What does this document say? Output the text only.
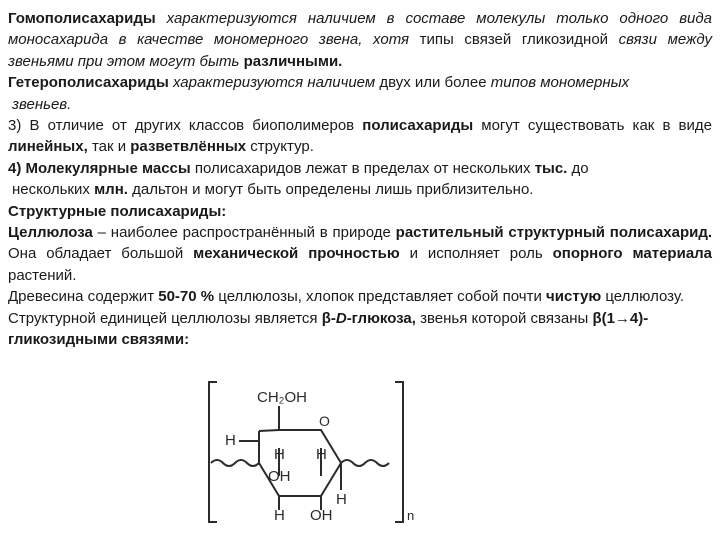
Гомополисахариды характеризуются наличием в составе молекулы только одного вида моносахарида в качестве мономерного звена, хотя типы связей гликозидной связи между звеньями при этом могут быть различными.

Гетерополисахариды характеризуются наличием двух или более типов мономерных
звеньев.

3) В отличие от других классов биополимеров полисахариды могут существовать как в виде линейных, так и разветвлённых структур.

4) Молекулярные массы полисахаридов лежат в пределах от нескольких тыс. до
нескольких млн. дальтон и могут быть определены лишь приблизительно.

Структурные полисахариды:

Целлюлоза – наиболее распространённый в природе растительный структурный полисахарид. Она обладает большой механической прочностью и исполняет роль опорного материала растений.

Древесина содержит 50-70 % целлюлозы, хлопок представляет собой почти чистую целлюлозу.

Структурной единицей целлюлозы является β-D-глюкоза, звенья которой связаны β(1→4)-
гликозидными связями:

CH₂OH
O
H
H
OH
H
OH
H
H
n
